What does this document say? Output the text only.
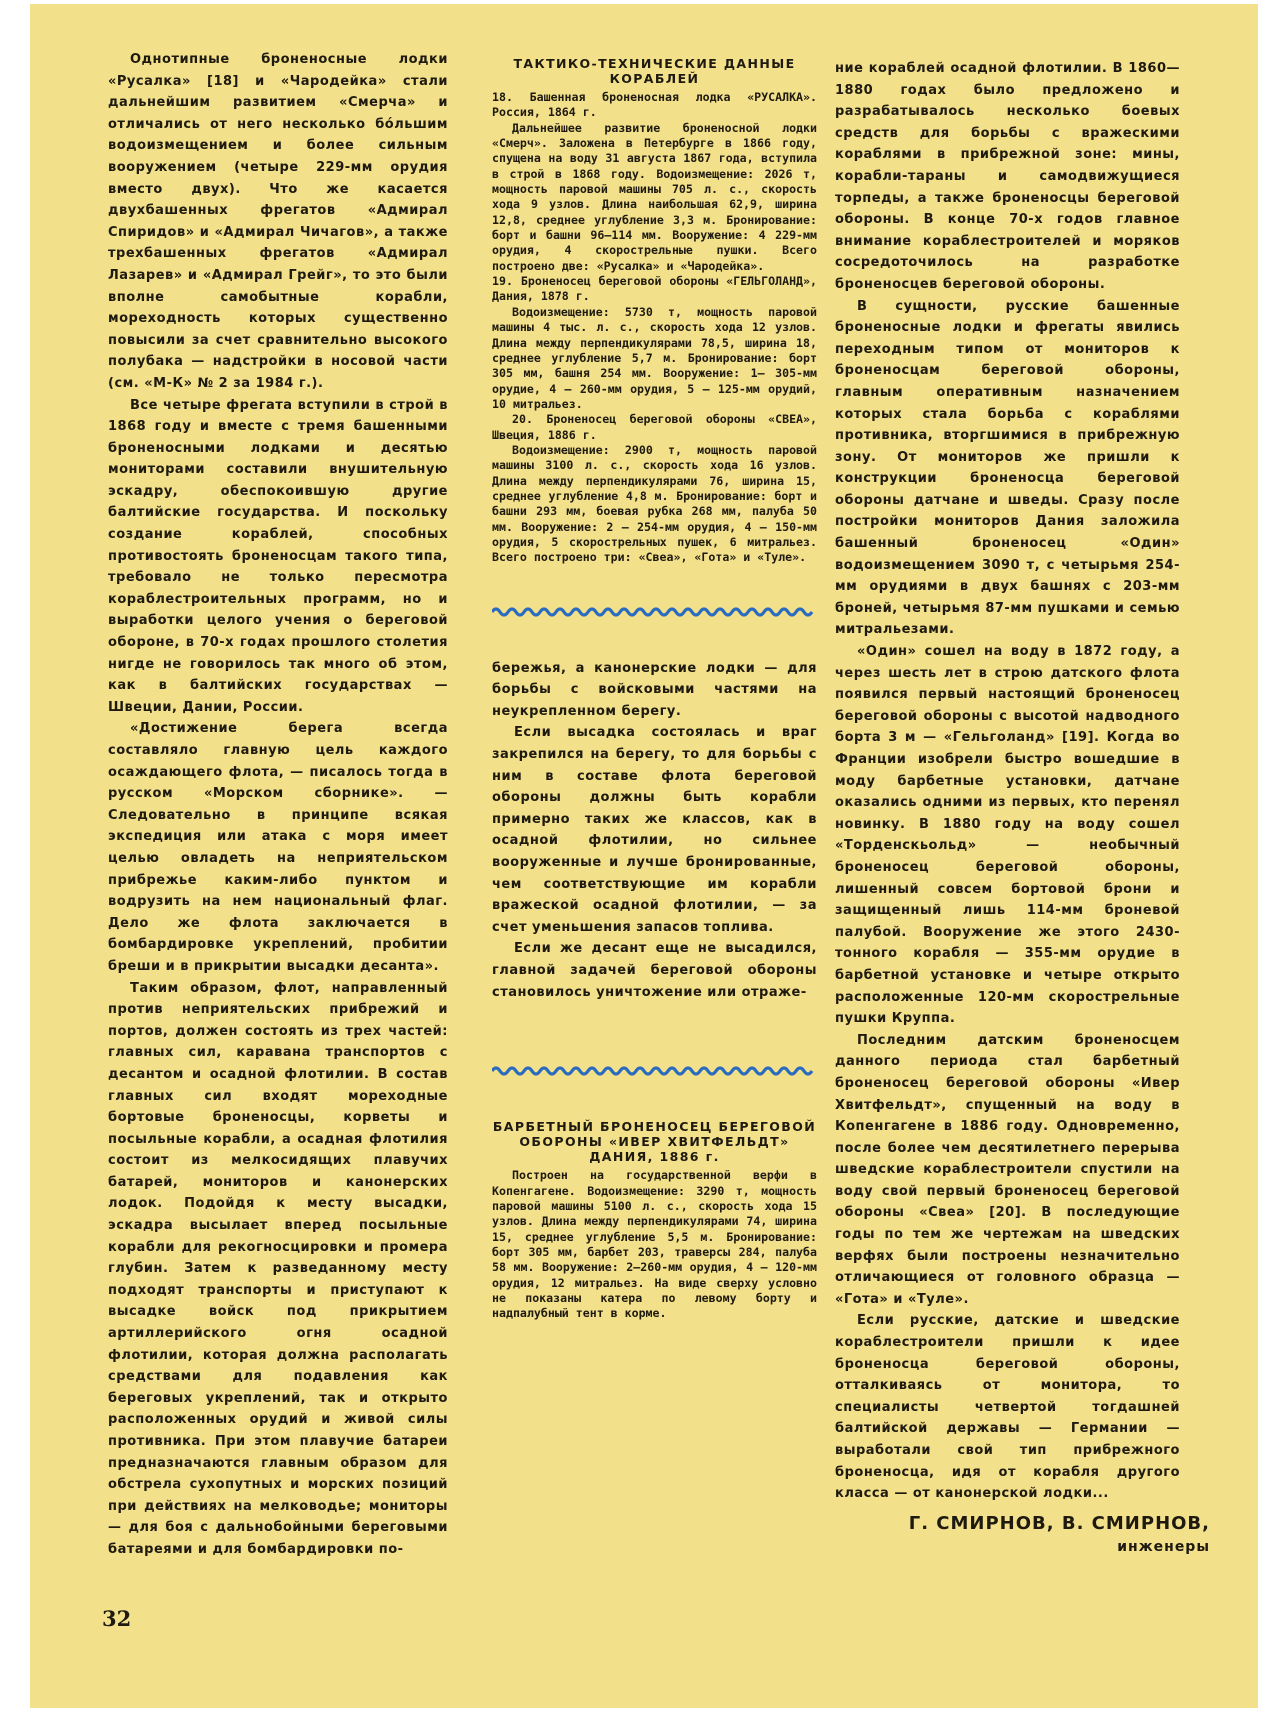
Однотипные броненосные лодки «Русалка» [18] и «Чародейка» стали дальнейшим развитием «Смерча» и отличались от него несколько бо́льшим водоизмещением и более сильным вооружением (четыре 229-мм орудия вместо двух). Что же касается двухбашенных фрегатов «Адмирал Спиридов» и «Адмирал Чичагов», а также трехбашенных фрегатов «Адмирал Лазарев» и «Адмирал Грейг», то это были вполне самобытные корабли, мореходность которых существенно повысили за счет сравнительно высокого полубака — надстройки в носовой части (см. «М-К» № 2 за 1984 г.).

Все четыре фрегата вступили в строй в 1868 году и вместе с тремя башенными броненосными лодками и десятью мониторами составили внушительную эскадру, обеспокоившую другие балтийские государства. И поскольку создание кораблей, способных противостоять броненосцам такого типа, требовало не только пересмотра кораблестроительных программ, но и выработки целого учения о береговой обороне, в 70-х годах прошлого столетия нигде не говорилось так много об этом, как в балтийских государствах — Швеции, Дании, России.

«Достижение берега всегда составляло главную цель каждого осаждающего флота, — писалось тогда в русском «Морском сборнике». — Следовательно в принципе всякая экспедиция или атака с моря имеет целью овладеть на неприятельском прибрежье каким-либо пунктом и водрузить на нем национальный флаг. Дело же флота заключается в бомбардировке укреплений, пробитии бреши и в прикрытии высадки десанта».

Таким образом, флот, направленный против неприятельских прибрежий и портов, должен состоять из трех частей: главных сил, каравана транспортов с десантом и осадной флотилии. В состав главных сил входят мореходные бортовые броненосцы, корветы и посыльные корабли, а осадная флотилия состоит из мелкосидящих плавучих батарей, мониторов и канонерских лодок. Подойдя к месту высадки, эскадра высылает вперед посыльные корабли для рекогносцировки и промера глубин. Затем к разведанному месту подходят транспорты и приступают к высадке войск под прикрытием артиллерийского огня осадной флотилии, которая должна располагать средствами для подавления как береговых укреплений, так и открыто расположенных орудий и живой силы противника. При этом плавучие батареи предназначаются главным образом для обстрела сухопутных и морских позиций при действиях на мелководье; мониторы — для боя с дальнобойными береговыми батареями и для бомбардировки по-

ТАКТИКО-ТЕХНИЧЕСКИЕ ДАННЫЕ КОРАБЛЕЙ

18. Башенная броненосная лодка «РУСАЛКА». Россия, 1864 г.

Дальнейшее развитие броненосной лодки «Смерч». Заложена в Петербурге в 1866 году, спущена на воду 31 августа 1867 года, вступила в строй в 1868 году. Водоизмещение: 2026 т, мощность паровой машины 705 л. с., скорость хода 9 узлов. Длина наибольшая 62,9, ширина 12,8, среднее углубление 3,3 м. Бронирование: борт и башни 96—114 мм. Вооружение: 4 229-мм орудия, 4 скорострельные пушки. Всего построено две: «Русалка» и «Чародейка».

19. Броненосец береговой обороны «ГЕЛЬГОЛАНД», Дания, 1878 г.

Водоизмещение: 5730 т, мощность паровой машины 4 тыс. л. с., скорость хода 12 узлов. Длина между перпендикулярами 78,5, ширина 18, среднее углубление 5,7 м. Бронирование: борт 305 мм, башня 254 мм. Вооружение: 1— 305-мм орудие, 4 — 260-мм орудия, 5 — 125-мм орудий, 10 митральез.

20. Броненосец береговой обороны «СВЕА», Швеция, 1886 г.

Водоизмещение: 2900 т, мощность паровой машины 3100 л. с., скорость хода 16 узлов. Длина между перпендикулярами 76, ширина 15, среднее углубление 4,8 м. Бронирование: борт и башни 293 мм, боевая рубка 268 мм, палуба 50 мм. Вооружение: 2 — 254-мм орудия, 4 — 150-мм орудия, 5 скорострельных пушек, 6 митральез. Всего построено три: «Свеа», «Гота» и «Туле».

бережья, а канонерские лодки — для борьбы с войсковыми частями на неукрепленном берегу.

Если высадка состоялась и враг закрепился на берегу, то для борьбы с ним в составе флота береговой обороны должны быть корабли примерно таких же классов, как в осадной флотилии, но сильнее вооруженные и лучше бронированные, чем соответствующие им корабли вражеской осадной флотилии, — за счет уменьшения запасов топлива.

Если же десант еще не высадился, главной задачей береговой обороны становилось уничтожение или отраже-

БАРБЕТНЫЙ БРОНЕНОСЕЦ БЕРЕГОВОЙ ОБОРОНЫ «ИВЕР ХВИТФЕЛЬДТ» ДАНИЯ, 1886 г.

Построен на государственной верфи в Копенгагене. Водоизмещение: 3290 т, мощность паровой машины 5100 л. с., скорость хода 15 узлов. Длина между перпендикулярами 74, ширина 15, среднее углубление 5,5 м. Бронирование: борт 305 мм, барбет 203, траверсы 284, палуба 58 мм. Вооружение: 2—260-мм орудия, 4 — 120-мм орудия, 12 митральез. На виде сверху условно не показаны катера по левому борту и надпалубный тент в корме.

ние кораблей осадной флотилии. В 1860—1880 годах было предложено и разрабатывалось несколько боевых средств для борьбы с вражескими кораблями в прибрежной зоне: мины, корабли-тараны и самодвижущиеся торпеды, а также броненосцы береговой обороны. В конце 70-х годов главное внимание кораблестроителей и моряков сосредоточилось на разработке броненосцев береговой обороны.

В сущности, русские башенные броненосные лодки и фрегаты явились переходным типом от мониторов к броненосцам береговой обороны, главным оперативным назначением которых стала борьба с кораблями противника, вторгшимися в прибрежную зону. От мониторов же пришли к конструкции броненосца береговой обороны датчане и шведы. Сразу после постройки мониторов Дания заложила башенный броненосец «Один» водоизмещением 3090 т, с четырьмя 254-мм орудиями в двух башнях с 203-мм броней, четырьмя 87-мм пушками и семью митральезами.

«Один» сошел на воду в 1872 году, а через шесть лет в строю датского флота появился первый настоящий броненосец береговой обороны с высотой надводного борта 3 м — «Гельголанд» [19]. Когда во Франции изобрели быстро вошедшие в моду барбетные установки, датчане оказались одними из первых, кто перенял новинку. В 1880 году на воду сошел «Торденскьольд» — необычный броненосец береговой обороны, лишенный совсем бортовой брони и защищенный лишь 114-мм броневой палубой. Вооружение же этого 2430-тонного корабля — 355-мм орудие в барбетной установке и четыре открыто расположенные 120-мм скорострельные пушки Круппа.

Последним датским броненосцем данного периода стал барбетный броненосец береговой обороны «Ивер Хвитфельдт», спущенный на воду в Копенгагене в 1886 году. Одновременно, после более чем десятилетнего перерыва шведские кораблестроители спустили на воду свой первый броненосец береговой обороны «Свеа» [20]. В последующие годы по тем же чертежам на шведских верфях были построены незначительно отличающиеся от головного образца — «Гота» и «Туле».

Если русские, датские и шведские кораблестроители пришли к идее броненосца береговой обороны, отталкиваясь от монитора, то специалисты четвертой тогдашней балтийской державы — Германии — выработали свой тип прибрежного броненосца, идя от корабля другого класса — от канонерской лодки...

Г. СМИРНОВ, В. СМИРНОВ,
инженеры
32
